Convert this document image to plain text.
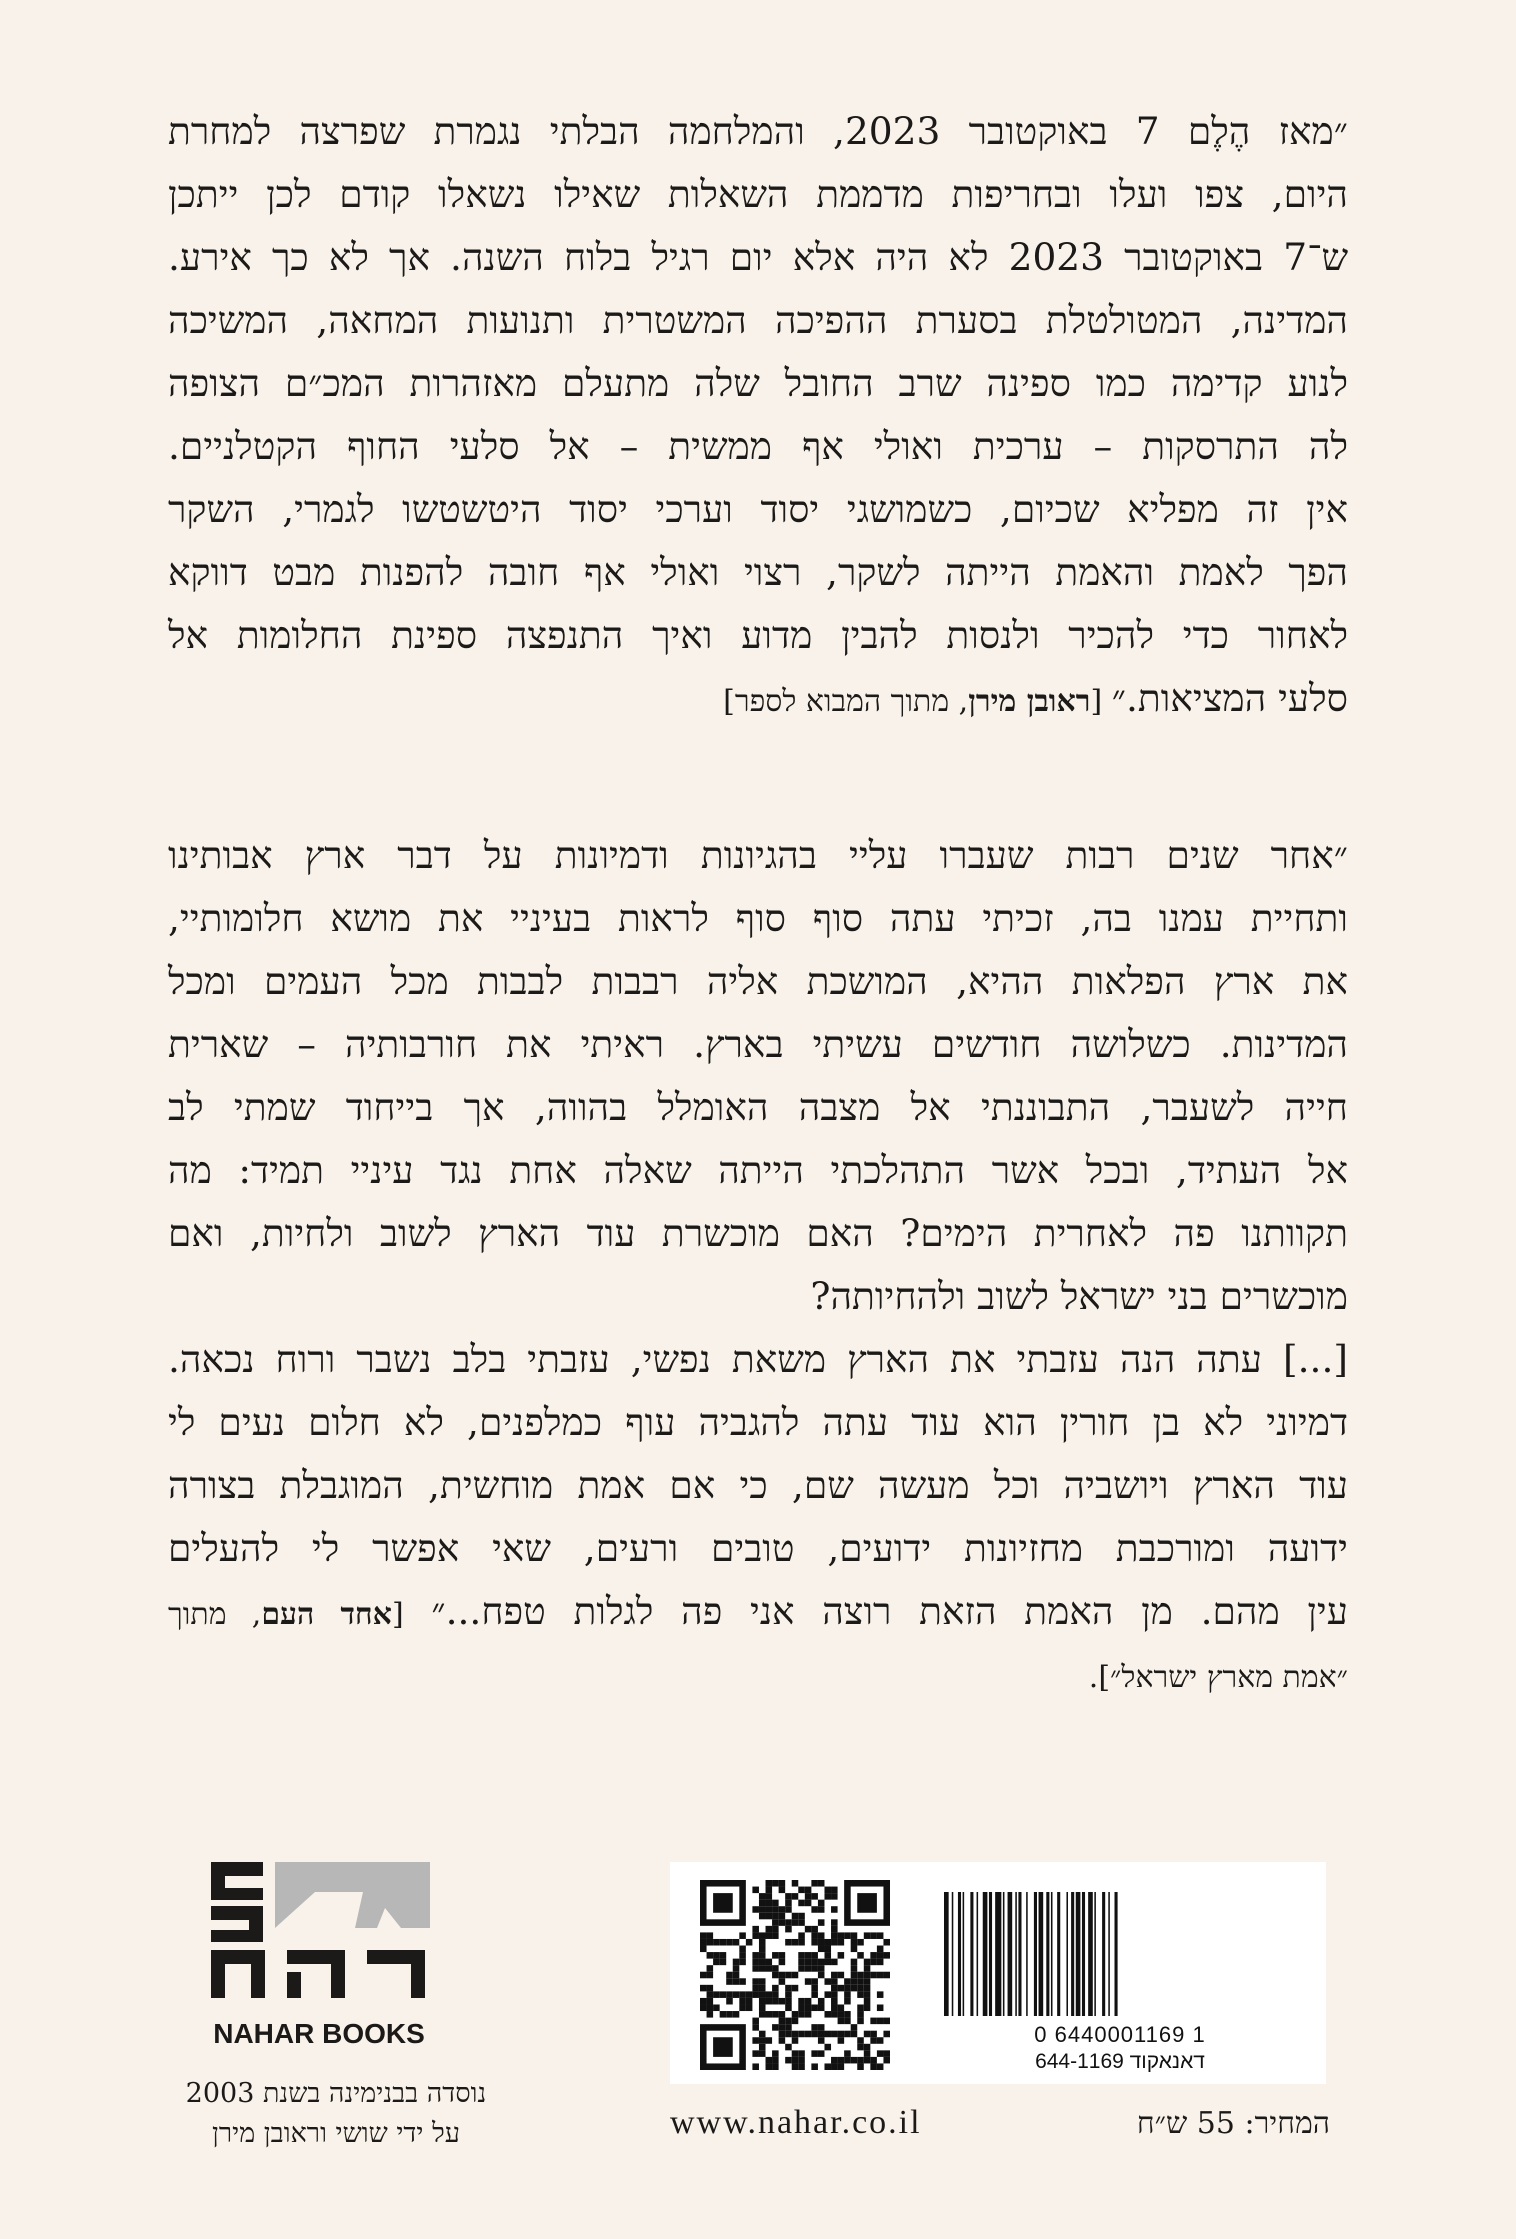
״מאז הֶלֶם 7 באוקטובר 2023, והמלחמה הבלתי נגמרת שפרצה למחרת
היום, צפו ועלו ובחריפות מדממת השאלות שאילו נשאלו קודם לכן ייתכן
ש־7 באוקטובר 2023 לא היה אלא יום רגיל בלוח השנה. אך לא כך אירע.
המדינה, המטולטלת בסערת ההפיכה המשטרית ותנועות המחאה, המשיכה
לנוע קדימה כמו ספינה שרב החובל שלה מתעלם מאזהרות המכ״ם הצופה
לה התרסקות – ערכית ואולי אף ממשית – אל סלעי החוף הקטלניים.
אין זה מפליא שכיום, כשמושגי יסוד וערכי יסוד היטשטשו לגמרי, השקר
הפך לאמת והאמת הייתה לשקר, רצוי ואולי אף חובה להפנות מבט דווקא
לאחור כדי להכיר ולנסות להבין מדוע ואיך התנפצה ספינת החלומות אל
סלעי המציאות.״ [ראובן מירן, מתוך המבוא לספר]
״אחר שנים רבות שעברו עליי בהגיונות ודמיונות על דבר ארץ אבותינו
ותחיית עמנו בה, זכיתי עתה סוף סוף לראות בעיניי את מושא חלומותיי,
את ארץ הפלאות ההיא, המושכת אליה רבבות לבבות מכל העמים ומכל
המדינות. כשלושה חודשים עשיתי בארץ. ראיתי את חורבותיה – שארית
חייה לשעבר, התבוננתי אל מצבה האומלל בהווה, אך בייחוד שמתי לב
אל העתיד, ובכל אשר התהלכתי הייתה שאלה אחת נגד עיניי תמיד: מה
תקוותנו פה לאחרית הימים? האם מוכשרת עוד הארץ לשוב ולחיות, ואם
מוכשרים בני ישראל לשוב ולהחיותה?
[...] עתה הנה עזבתי את הארץ משאת נפשי, עזבתי בלב נשבר ורוח נכאה.
דמיוני לא בן חורין הוא עוד עתה להגביה עוף כמלפנים, לא חלום נעים לי
עוד הארץ ויושביה וכל מעשה שם, כי אם אמת מוחשית, המוגבלת בצורה
ידועה ומורכבת מחזיונות ידועים, טובים ורעים, שאי אפשר לי להעלים
עין מהם. מן האמת הזאת רוצה אני פה לגלות טפח...״ [אחד העם, מתוך
״אמת מארץ ישראל״].
NAHAR BOOKS
נוסדה בבנימינה בשנת 2003
על ידי שושי וראובן מירן
0 6440001169 1
דאנאקוד 644-1169
www.nahar.co.il	המחיר: 55 ש״ח
